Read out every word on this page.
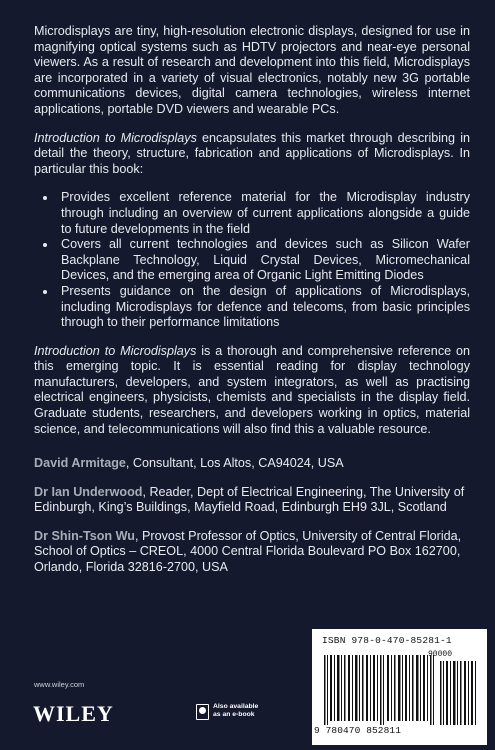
Microdisplays are tiny, high-resolution electronic displays, designed for use in magnifying optical systems such as HDTV projectors and near-eye personal viewers. As a result of research and development into this field, Microdisplays are incorporated in a variety of visual electronics, notably new 3G portable communications devices, digital camera technologies, wireless internet applications, portable DVD viewers and wearable PCs.

Introduction to Microdisplays encapsulates this market through describing in detail the theory, structure, fabrication and applications of Microdisplays. In particular this book:

• Provides excellent reference material for the Microdisplay industry through including an overview of current applications alongside a guide to future developments in the field
• Covers all current technologies and devices such as Silicon Wafer Backplane Technology, Liquid Crystal Devices, Micromechanical Devices, and the emerging area of Organic Light Emitting Diodes
• Presents guidance on the design of applications of Microdisplays, including Microdisplays for defence and telecoms, from basic principles through to their performance limitations

Introduction to Microdisplays is a thorough and comprehensive reference on this emerging topic. It is essential reading for display technology manufacturers, developers, and system integrators, as well as practising electrical engineers, physicists, chemists and specialists in the display field. Graduate students, researchers, and developers working in optics, material science, and telecommunications will also find this a valuable resource.

David Armitage, Consultant, Los Altos, CA94024, USA

Dr Ian Underwood, Reader, Dept of Electrical Engineering, The University of Edinburgh, King’s Buildings, Mayfield Road, Edinburgh EH9 3JL, Scotland

Dr Shin-Tson Wu, Provost Professor of Optics, University of Central Florida, School of Optics – CREOL, 4000 Central Florida Boulevard PO Box 162700, Orlando, Florida 32816-2700, USA

ISBN 978-0-470-85281-1
90000
9 780470 852811
www.wiley.com
WILEY	Also available
as an e-book
